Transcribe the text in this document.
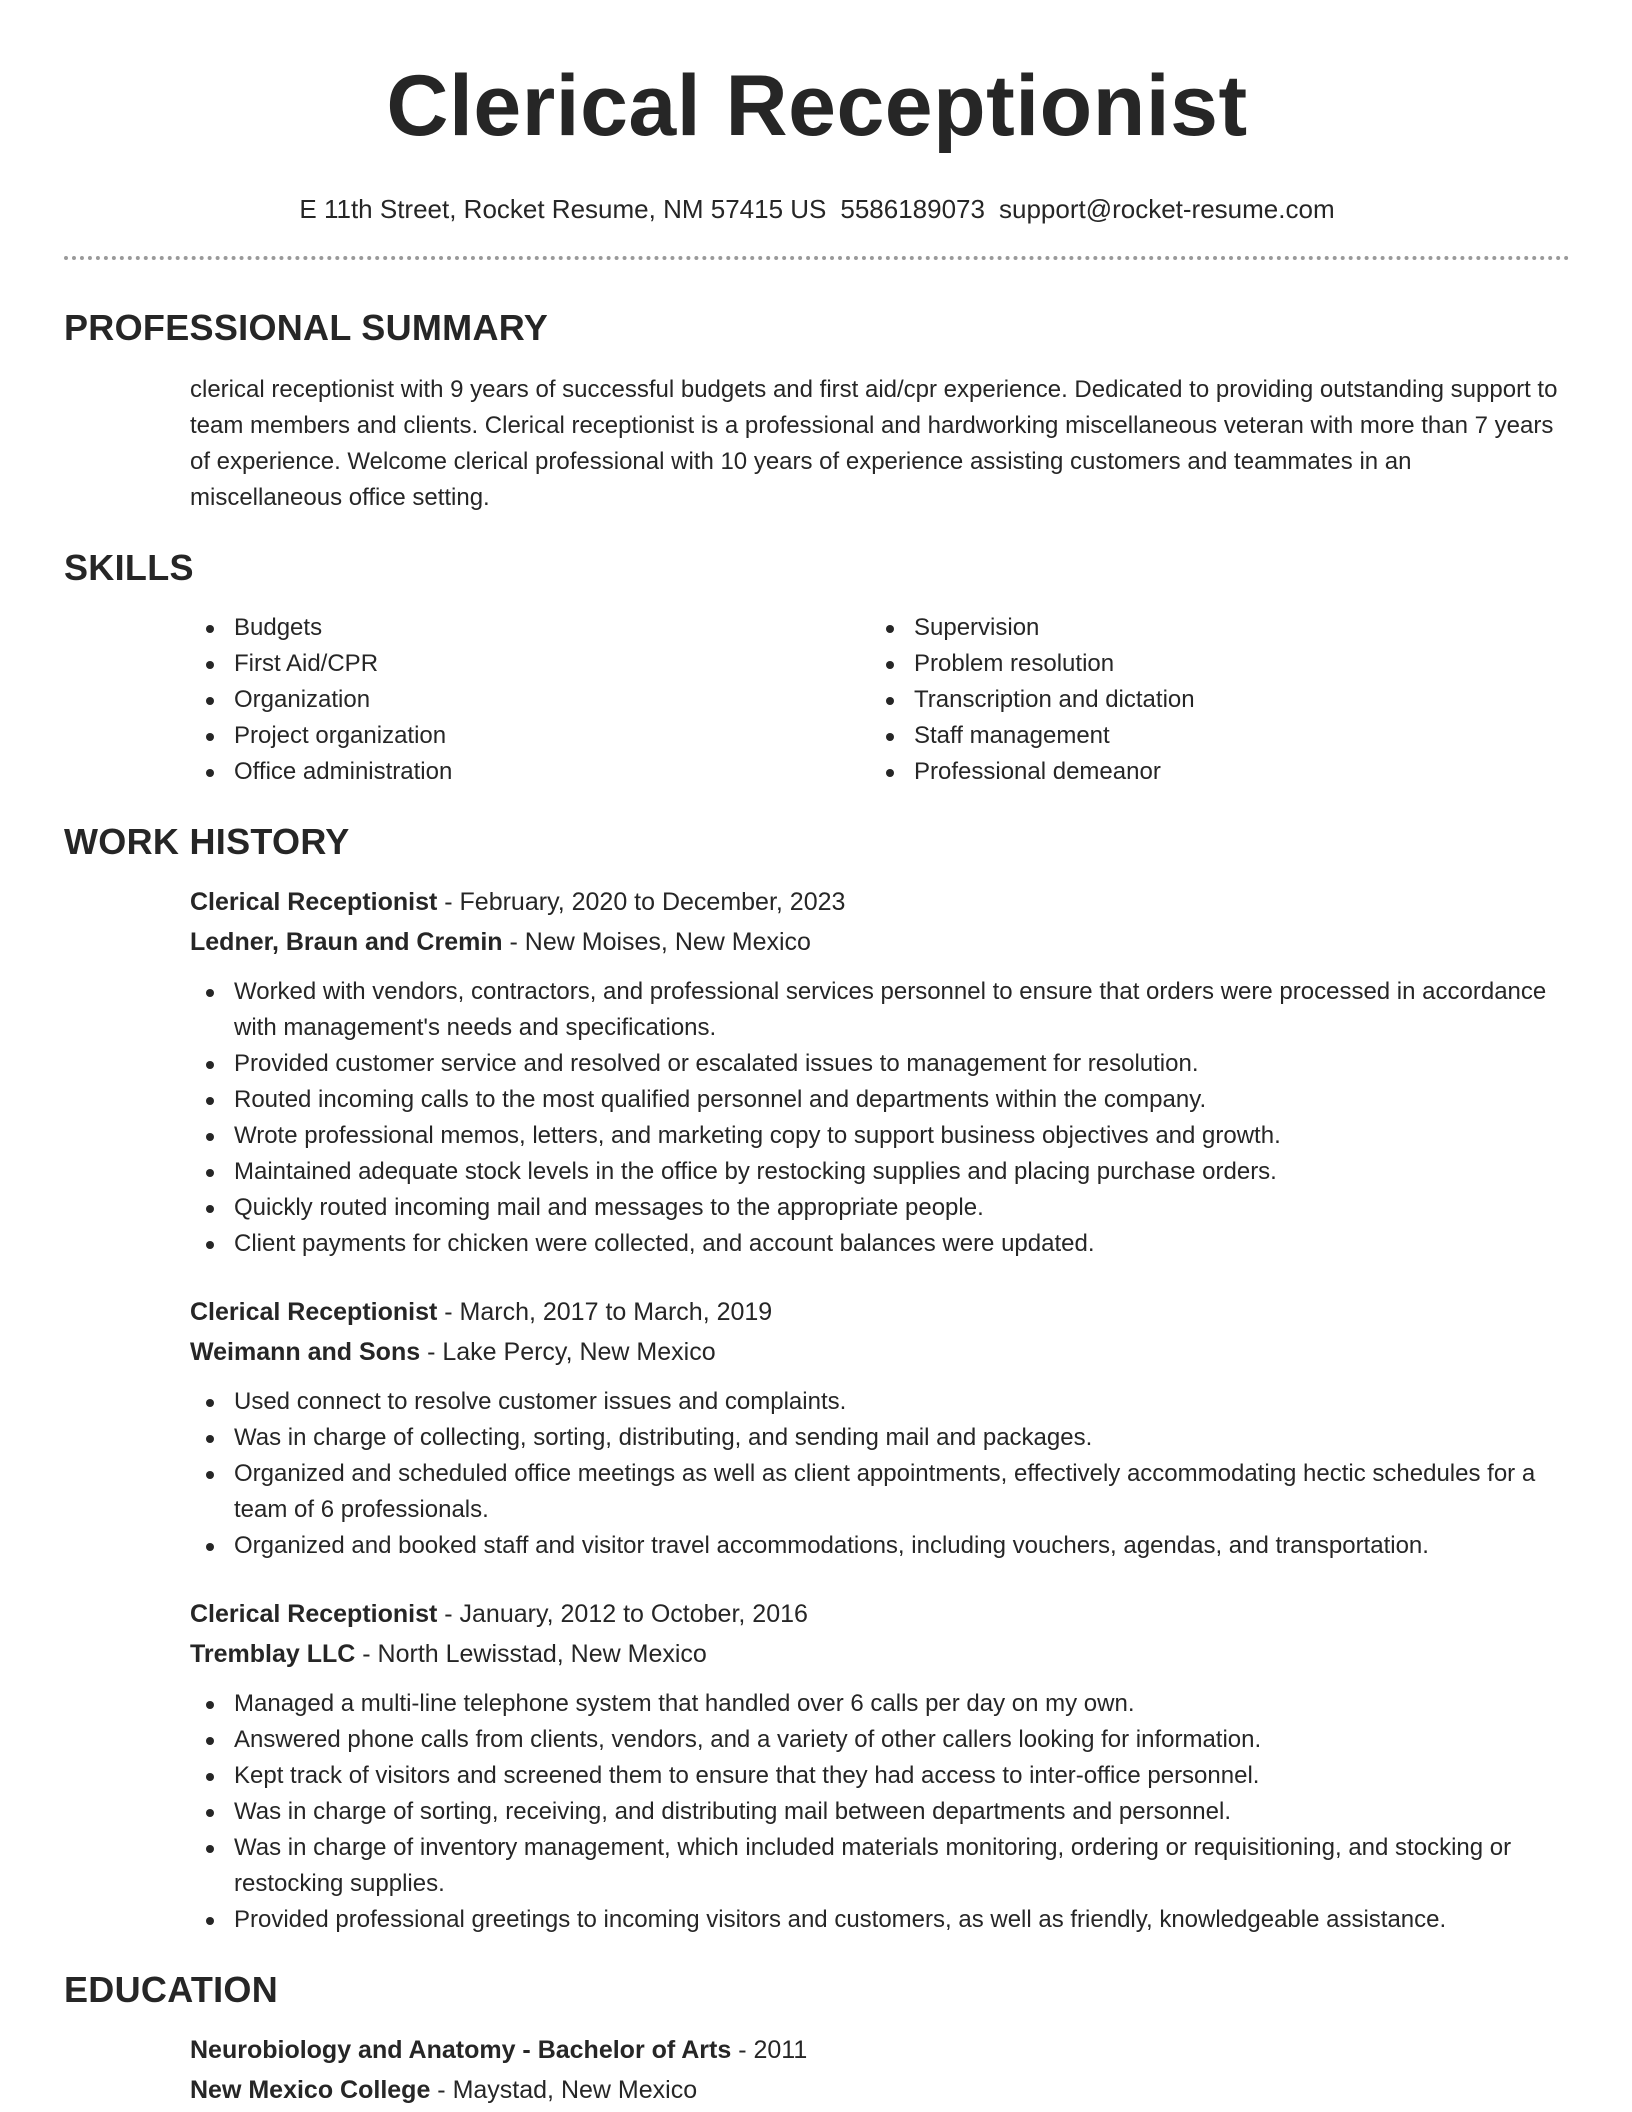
Clerical Receptionist
E 11th Street, Rocket Resume, NM 57415 US 5586189073 support@rocket-resume.com
PROFESSIONAL SUMMARY

clerical receptionist with 9 years of successful budgets and first aid/cpr experience. Dedicated to providing outstanding support to team members and clients. Clerical receptionist is a professional and hardworking miscellaneous veteran with more than 7 years of experience. Welcome clerical professional with 10 years of experience assisting customers and teammates in an miscellaneous office setting.

SKILLS
Budgets
First Aid/CPR
Organization
Project organization
Office administration
Supervision
Problem resolution
Transcription and dictation
Staff management
Professional demeanor
WORK HISTORY
Clerical Receptionist - February, 2020 to December, 2023
Ledner, Braun and Cremin - New Moises, New Mexico
Worked with vendors, contractors, and professional services personnel to ensure that orders were processed in accordance with management's needs and specifications.
Provided customer service and resolved or escalated issues to management for resolution.
Routed incoming calls to the most qualified personnel and departments within the company.
Wrote professional memos, letters, and marketing copy to support business objectives and growth.
Maintained adequate stock levels in the office by restocking supplies and placing purchase orders.
Quickly routed incoming mail and messages to the appropriate people.
Client payments for chicken were collected, and account balances were updated.
Clerical Receptionist - March, 2017 to March, 2019
Weimann and Sons - Lake Percy, New Mexico
Used connect to resolve customer issues and complaints.
Was in charge of collecting, sorting, distributing, and sending mail and packages.
Organized and scheduled office meetings as well as client appointments, effectively accommodating hectic schedules for a team of 6 professionals.
Organized and booked staff and visitor travel accommodations, including vouchers, agendas, and transportation.
Clerical Receptionist - January, 2012 to October, 2016
Tremblay LLC - North Lewisstad, New Mexico
Managed a multi-line telephone system that handled over 6 calls per day on my own.
Answered phone calls from clients, vendors, and a variety of other callers looking for information.
Kept track of visitors and screened them to ensure that they had access to inter-office personnel.
Was in charge of sorting, receiving, and distributing mail between departments and personnel.
Was in charge of inventory management, which included materials monitoring, ordering or requisitioning, and stocking or restocking supplies.
Provided professional greetings to incoming visitors and customers, as well as friendly, knowledgeable assistance.
EDUCATION
Neurobiology and Anatomy - Bachelor of Arts - 2011
New Mexico College - Maystad, New Mexico
